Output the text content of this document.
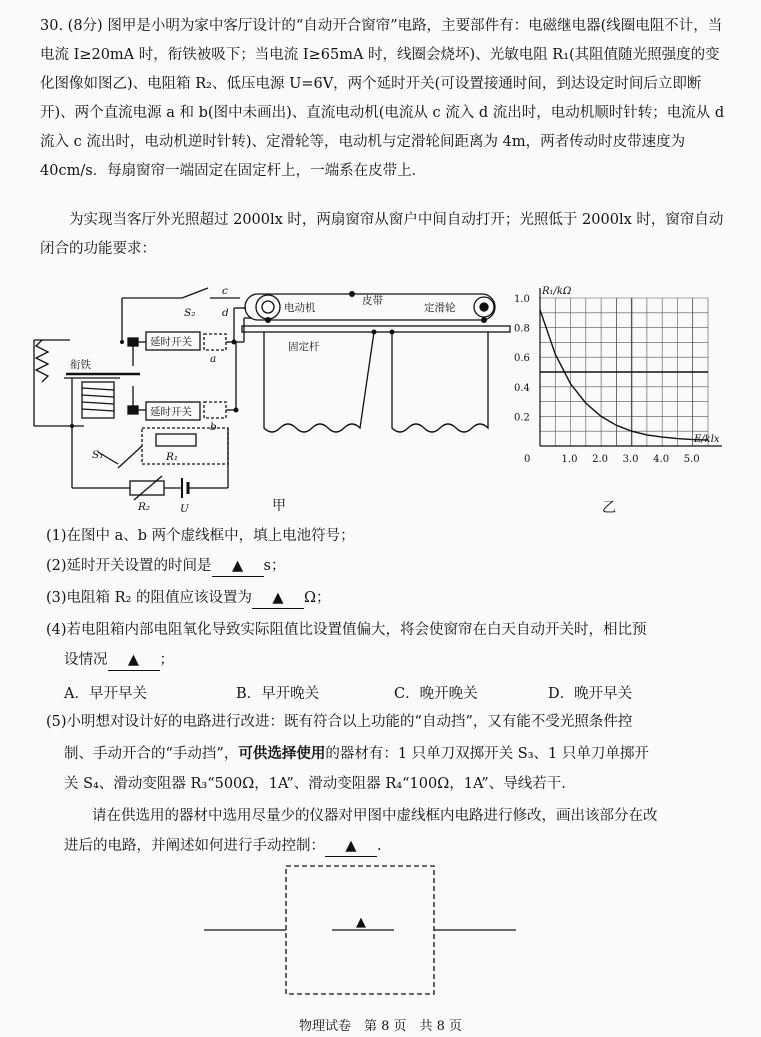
30. (8分) 图甲是小明为家中客厅设计的“自动开合窗帘”电路，主要部件有：电磁继电器(线圈电阻不计，当电流 I≥20mA 时，衔铁被吸下；当电流 I≥65mA 时，线圈会烧坏)、光敏电阻 R₁(其阻值随光照强度的变化图像如图乙)、电阻箱 R₂、低压电源 U=6V，两个延时开关(可设置接通时间，到达设定时间后立即断开)、两个直流电源 a 和 b(图中未画出)、直流电动机(电流从 c 流入 d 流出时，电动机顺时针转；电流从 d 流入 c 流出时，电动机逆时针转)、定滑轮等，电动机与定滑轮间距离为 4m，两者传动时皮带速度为 40cm/s．每扇窗帘一端固定在固定杆上，一端系在皮带上．

为实现当客厅外光照超过 2000lx 时，两扇窗帘从窗户中间自动打开；光照低于 2000lx 时，窗帘自动闭合的功能要求：

衔铁
S₂
c
d
延时开关
延时开关
a
b
R₁
S₁
R₂	U
电动机
皮带
定滑轮
固定杆
甲	乙
0	1.0 2.0 3.0 4.0 5.0
0.2
0.4
0.6
0.8
1.0
R₁/kΩ
E/klx

(1)在图中 a、b 两个虚线框中，填上电池符号；

(2)延时开关设置的时间是 ▲ s；

(3)电阻箱 R₂ 的阻值应该设置为 ▲ Ω；

(4)若电阻箱内部电阻氧化导致实际阻值比设置值偏大，将会使窗帘在白天自动开关时，相比预

设情况 ▲ ；

A．早开早关	B．早开晚关	C．晚开晚关	D．晚开早关

(5)小明想对设计好的电路进行改进：既有符合以上功能的“自动挡”，又有能不受光照条件控

制、手动开合的“手动挡”，可供选择使用的器材有：1 只单刀双掷开关 S₃、1 只单刀单掷开

关 S₄、滑动变阻器 R₃“500Ω，1A”、滑动变阻器 R₄“100Ω，1A”、导线若干.

请在供选用的器材中选用尽量少的仪器对甲图中虚线框内电路进行修改，画出该部分在改

进后的电路，并阐述如何进行手动控制： ▲ .

▲
物理试卷　第 8 页　共 8 页
